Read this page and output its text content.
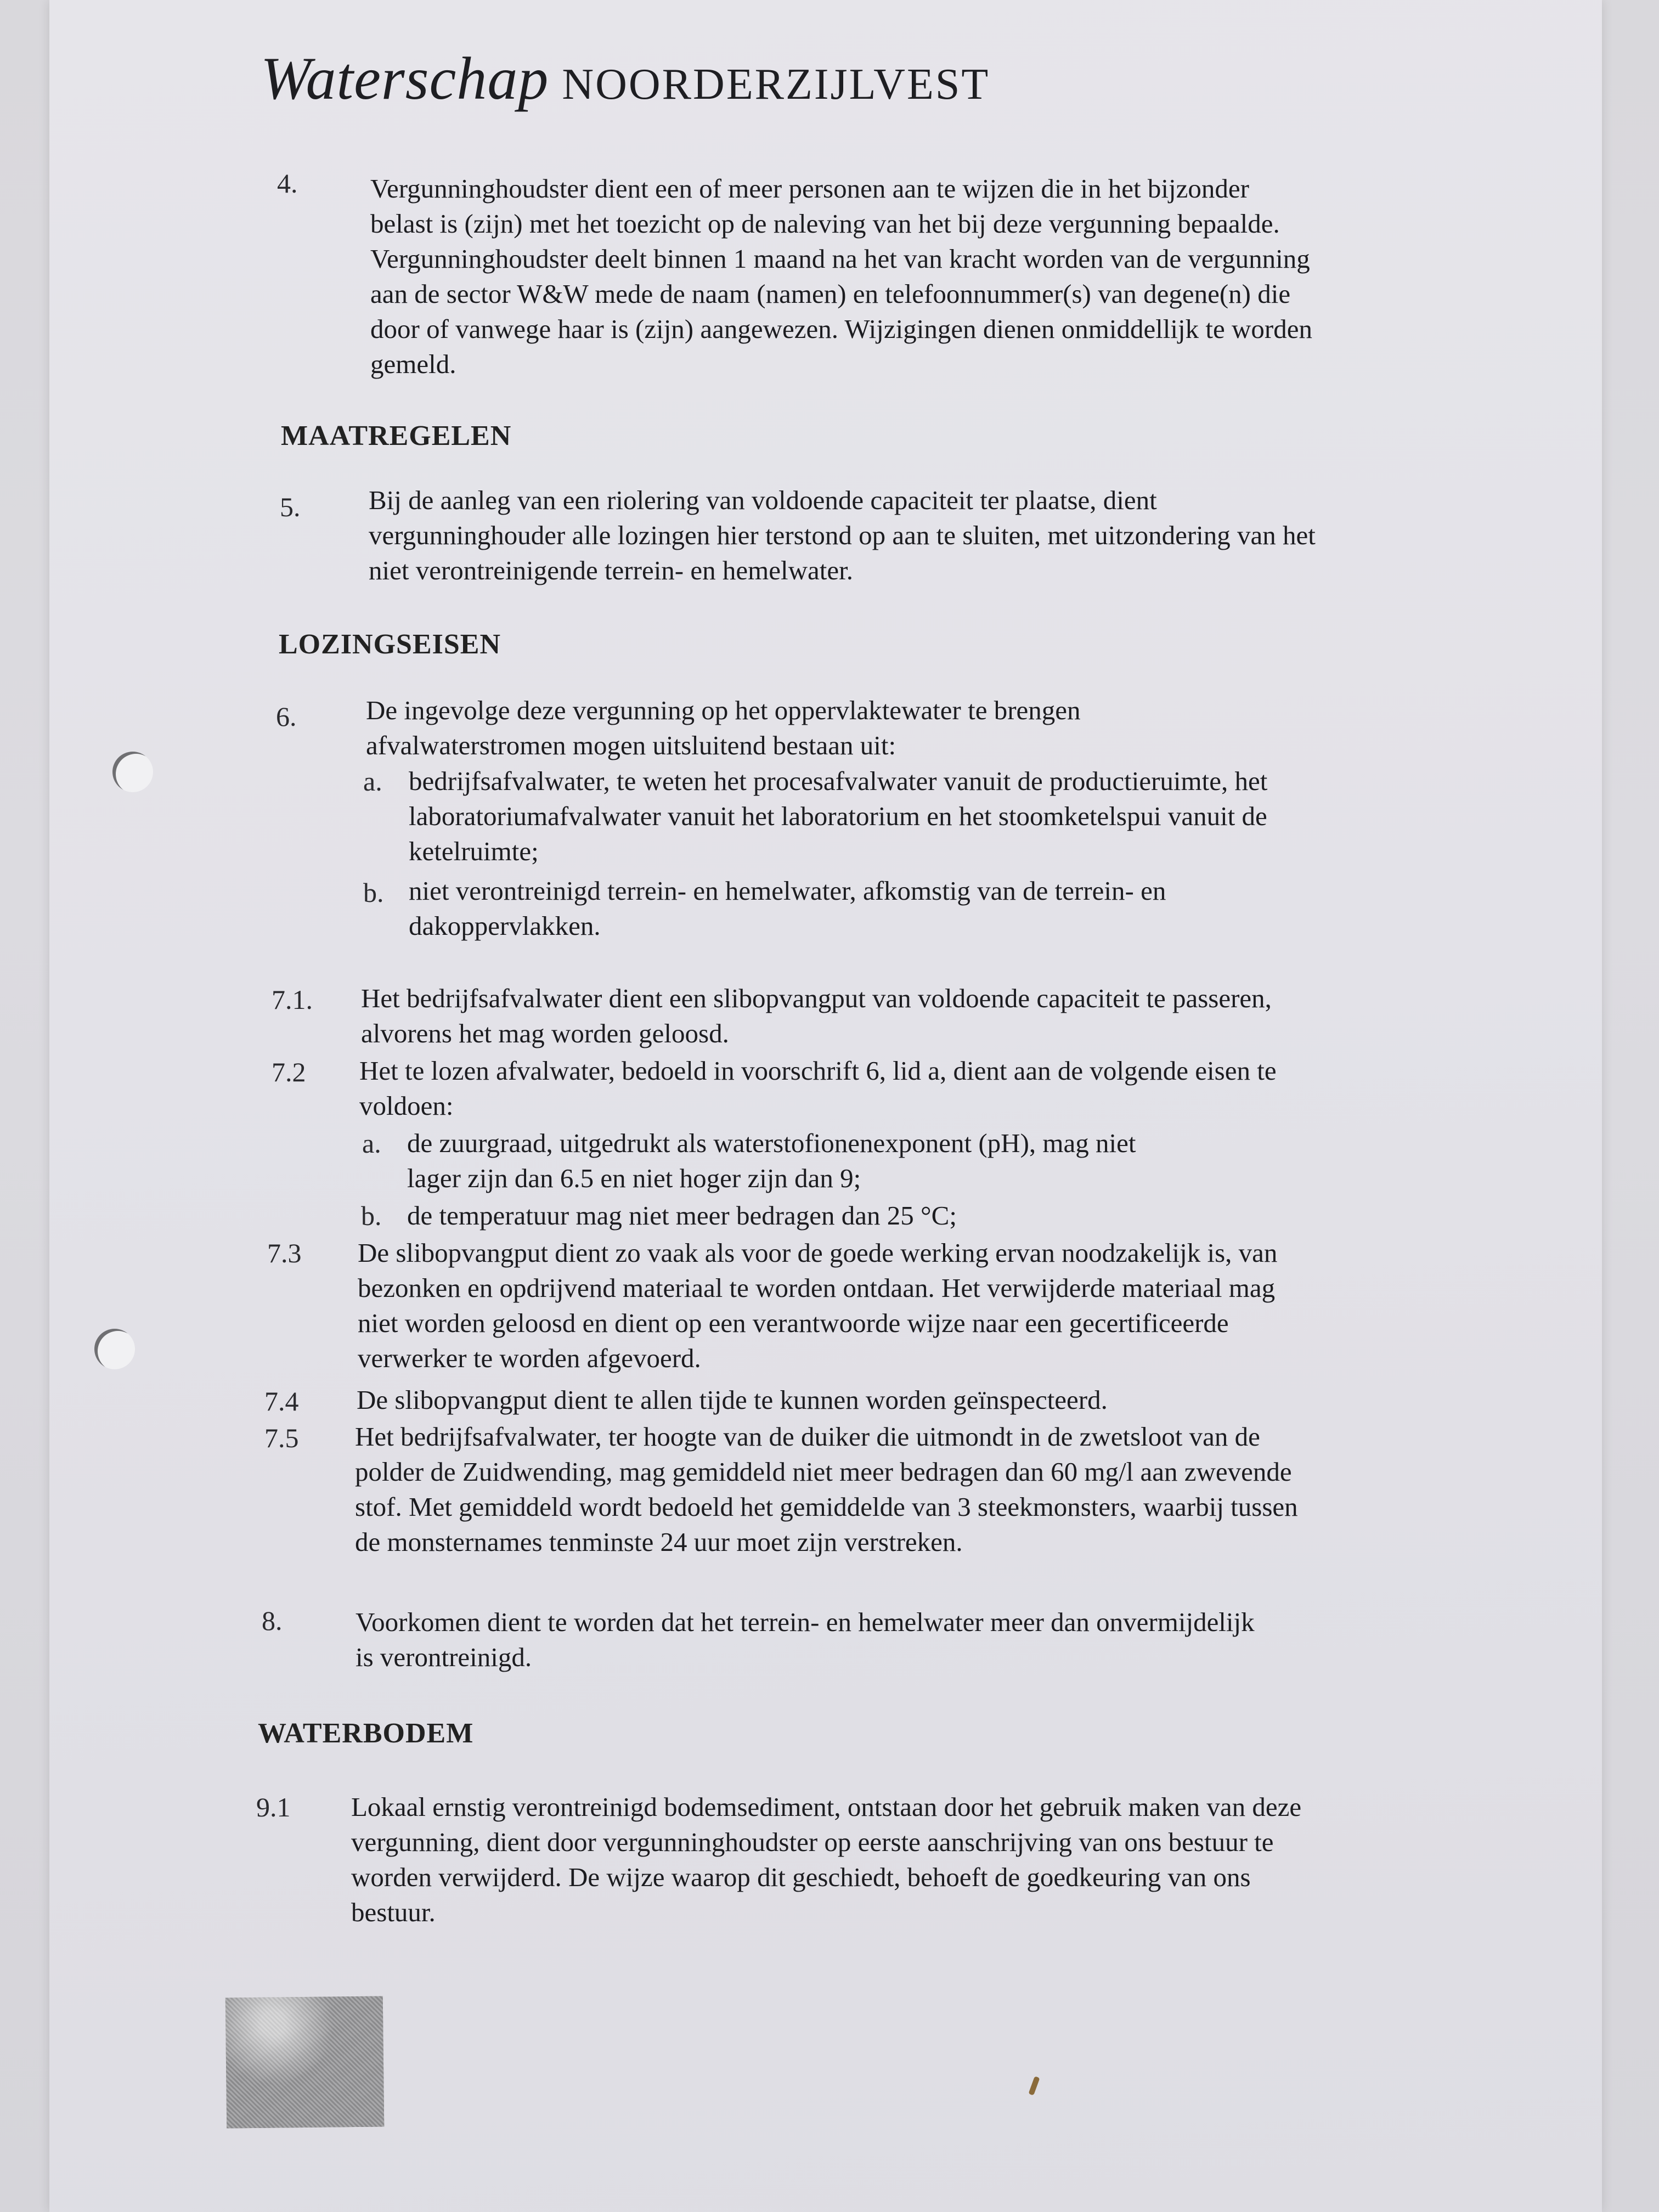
Waterschap NOORDERZIJLVEST
4.	Vergunninghoudster dient een of meer personen aan te wijzen die in het bijzonder
belast is (zijn) met het toezicht op de naleving van het bij deze vergunning bepaalde.
Vergunninghoudster deelt binnen 1 maand na het van kracht worden van de vergunning
aan de sector W&W mede de naam (namen) en telefoonnummer(s) van degene(n) die
door of vanwege haar is (zijn) aangewezen. Wijzigingen dienen onmiddellijk te worden
gemeld.
MAATREGELEN
5.	Bij de aanleg van een riolering van voldoende capaciteit ter plaatse, dient
vergunninghouder alle lozingen hier terstond op aan te sluiten, met uitzondering van het
niet verontreinigende terrein- en hemelwater.
LOZINGSEISEN
6.	De ingevolge deze vergunning op het oppervlaktewater te brengen
afvalwaterstromen mogen uitsluitend bestaan uit:
a. bedrijfsafvalwater, te weten het procesafvalwater vanuit de productieruimte, het
laboratoriumafvalwater vanuit het laboratorium en het stoomketelspui vanuit de
ketelruimte;
b. niet verontreinigd terrein- en hemelwater, afkomstig van de terrein- en
dakoppervlakken.
7.1. Het bedrijfsafvalwater dient een slibopvangput van voldoende capaciteit te passeren,
alvorens het mag worden geloosd.
7.2 Het te lozen afvalwater, bedoeld in voorschrift 6, lid a, dient aan de volgende eisen te
voldoen:
a. de zuurgraad, uitgedrukt als waterstofionenexponent (pH), mag niet
lager zijn dan 6.5 en niet hoger zijn dan 9;
b. de temperatuur mag niet meer bedragen dan 25 °C;
7.3 De slibopvangput dient zo vaak als voor de goede werking ervan noodzakelijk is, van
bezonken en opdrijvend materiaal te worden ontdaan. Het verwijderde materiaal mag
niet worden geloosd en dient op een verantwoorde wijze naar een gecertificeerde
verwerker te worden afgevoerd.
7.4 De slibopvangput dient te allen tijde te kunnen worden geïnspecteerd.
7.5 Het bedrijfsafvalwater, ter hoogte van de duiker die uitmondt in de zwetsloot van de
polder de Zuidwending, mag gemiddeld niet meer bedragen dan 60 mg/l aan zwevende
stof. Met gemiddeld wordt bedoeld het gemiddelde van 3 steekmonsters, waarbij tussen
de monsternames tenminste 24 uur moet zijn verstreken.
8.	Voorkomen dient te worden dat het terrein- en hemelwater meer dan onvermijdelijk
is verontreinigd.
WATERBODEM
9.1 Lokaal ernstig verontreinigd bodemsediment, ontstaan door het gebruik maken van deze
vergunning, dient door vergunninghoudster op eerste aanschrijving van ons bestuur te
worden verwijderd. De wijze waarop dit geschiedt, behoeft de goedkeuring van ons
bestuur.
